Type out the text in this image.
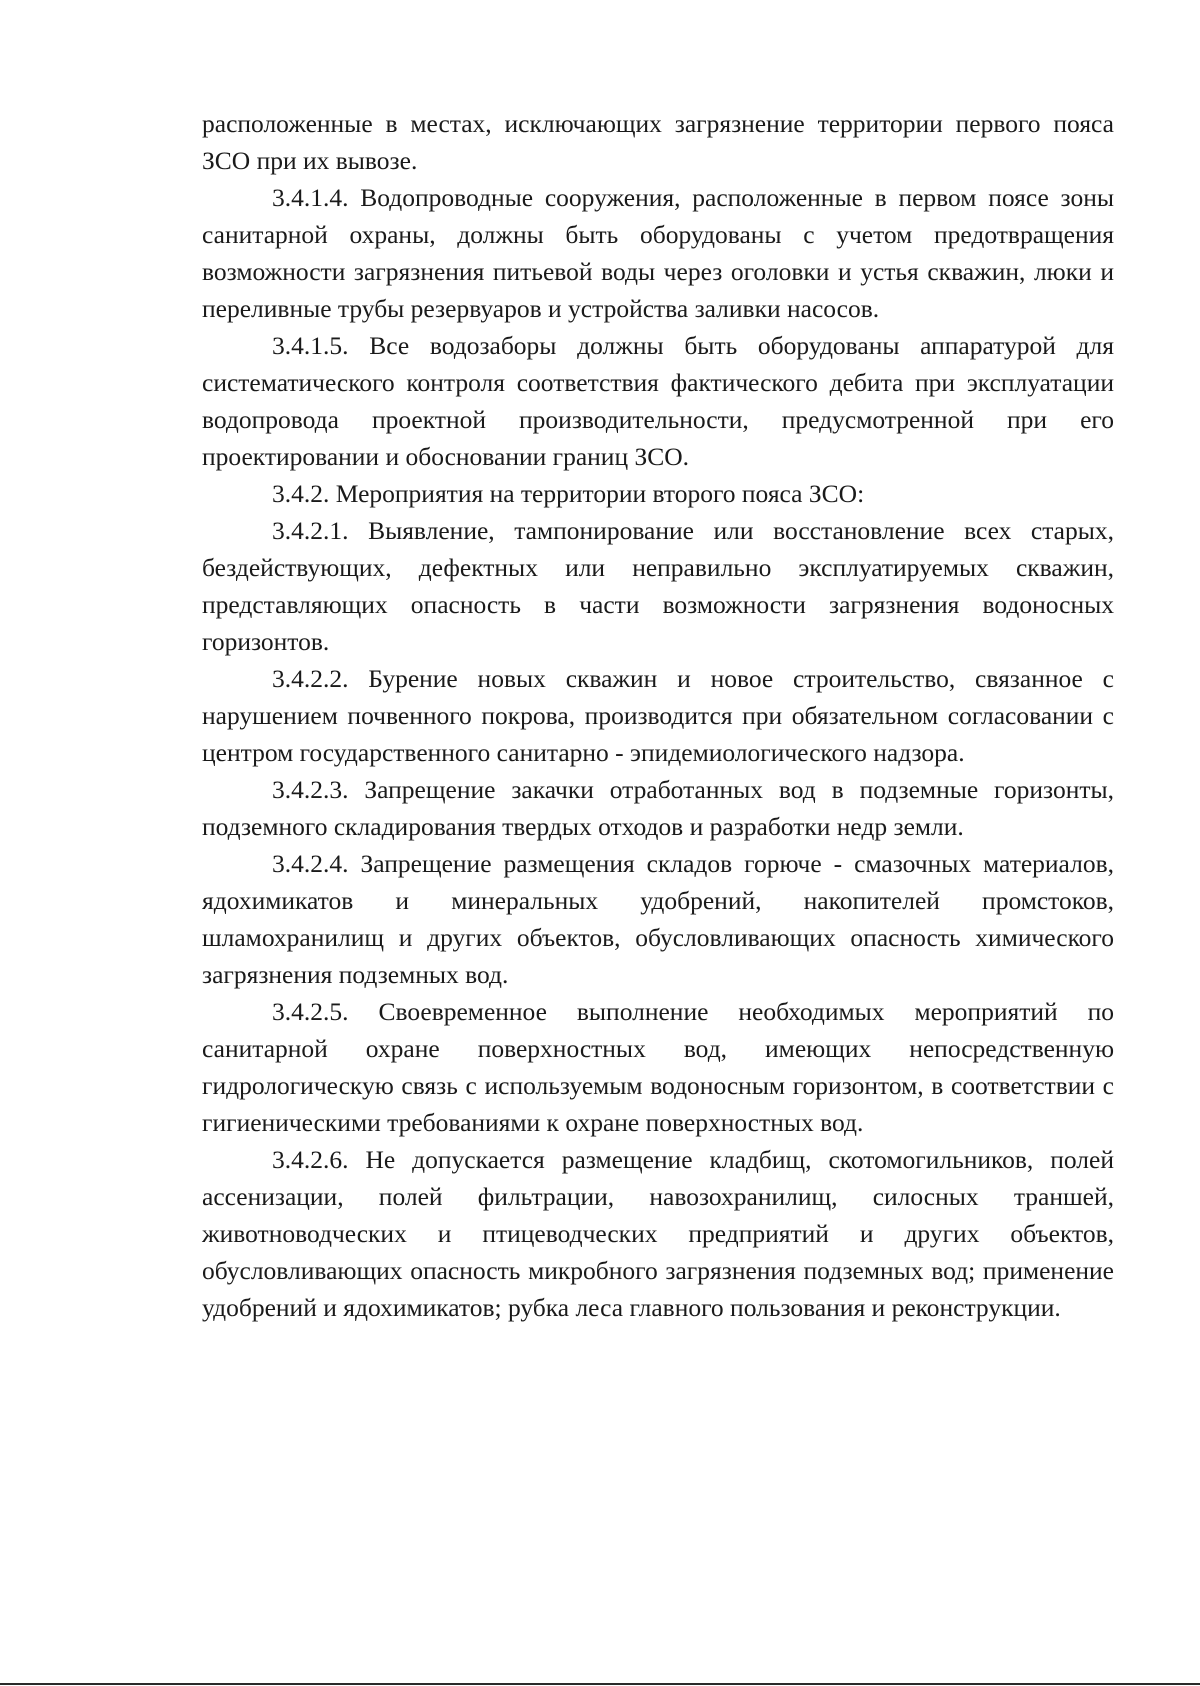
расположенные в местах, исключающих загрязнение территории первого пояса ЗСО при их вывозе.

3.4.1.4. Водопроводные сооружения, расположенные в первом поясе зоны санитарной охраны, должны быть оборудованы с учетом предотвращения возможности загрязнения питьевой воды через оголовки и устья скважин, люки и переливные трубы резервуаров и устройства заливки насосов.

3.4.1.5. Все водозаборы должны быть оборудованы аппаратурой для систематического контроля соответствия фактического дебита при эксплуатации водопровода проектной производительности, предусмотренной при его проектировании и обосновании границ ЗСО.

3.4.2. Мероприятия на территории второго пояса ЗСО:

3.4.2.1. Выявление, тампонирование или восстановление всех старых, бездействующих, дефектных или неправильно эксплуатируемых скважин, представляющих опасность в части возможности загрязнения водоносных горизонтов.

3.4.2.2. Бурение новых скважин и новое строительство, связанное с нарушением почвенного покрова, производится при обязательном согласовании с центром государственного санитарно - эпидемиологического надзора.

3.4.2.3. Запрещение закачки отработанных вод в подземные горизонты, подземного складирования твердых отходов и разработки недр земли.

3.4.2.4. Запрещение размещения складов горюче - смазочных материалов, ядохимикатов и минеральных удобрений, накопителей промстоков, шламохранилищ и других объектов, обусловливающих опасность химического загрязнения подземных вод.

3.4.2.5. Своевременное выполнение необходимых мероприятий по санитарной охране поверхностных вод, имеющих непосредственную гидрологическую связь с используемым водоносным горизонтом, в соответствии с гигиеническими требованиями к охране поверхностных вод.

3.4.2.6. Не допускается размещение кладбищ, скотомогильников, полей ассенизации, полей фильтрации, навозохранилищ, силосных траншей, животноводческих и птицеводческих предприятий и других объектов, обусловливающих опасность микробного загрязнения подземных вод; применение удобрений и ядохимикатов; рубка леса главного пользования и реконструкции.
